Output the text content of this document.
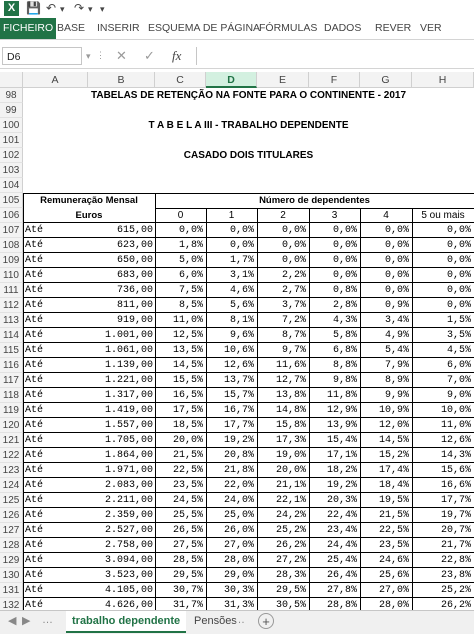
X 💾 ↶ ▾ ↷ ▾ ▾
FICHEIRO BASE INSERIR ESQUEMA DE PÁGINA
FÓRMULAS DADOS REVER VER
D6	▾ ⋮ ✕ ✓ fx
A	B	C	D	E	F	G	H
98	TABELAS DE RETENÇÃO NA FONTE PARA O CONTINENTE - 2017
99
100	T A B E L A III - TRABALHO DEPENDENTE
101
102	CASADO DOIS TITULARES
103
104
105
106
Remuneração Mensal
Euros
Número de dependentes
0	1	2	3	4	5 ou mais
107 Até	615,00	0,0%	0,0%	0,0%	0,0%	0,0%	0,0%
108 Até	623,00	1,8%	0,0%	0,0%	0,0%	0,0%	0,0%
109 Até	650,00	5,0%	1,7%	0,0%	0,0%	0,0%	0,0%
110 Até	683,00	6,0%	3,1%	2,2%	0,0%	0,0%	0,0%
111 Até	736,00	7,5%	4,6%	2,7%	0,8%	0,0%	0,0%
112 Até	811,00	8,5%	5,6%	3,7%	2,8%	0,9%	0,0%
113 Até	919,00	11,0%	8,1%	7,2%	4,3%	3,4%	1,5%
114 Até	1.001,00	12,5%	9,6%	8,7%	5,8%	4,9%	3,5%
115 Até	1.061,00	13,5%	10,6%	9,7%	6,8%	5,4%	4,5%
116 Até	1.139,00	14,5%	12,6%	11,6%	8,8%	7,9%	6,0%
117 Até	1.221,00	15,5%	13,7%	12,7%	9,8%	8,9%	7,0%
118 Até	1.317,00	16,5%	15,7%	13,8%	11,8%	9,9%	9,0%
119 Até	1.419,00	17,5%	16,7%	14,8%	12,9%	10,9%	10,0%
120 Até	1.557,00	18,5%	17,7%	15,8%	13,9%	12,0%	11,0%
121 Até	1.705,00	20,0%	19,2%	17,3%	15,4%	14,5%	12,6%
122 Até	1.864,00	21,5%	20,8%	19,0%	17,1%	15,2%	14,3%
123 Até	1.971,00	22,5%	21,8%	20,0%	18,2%	17,4%	15,6%
124 Até	2.083,00	23,5%	22,0%	21,1%	19,2%	18,4%	16,6%
125 Até	2.211,00	24,5%	24,0%	22,1%	20,3%	19,5%	17,7%
126 Até	2.359,00	25,5%	25,0%	24,2%	22,4%	21,5%	19,7%
127 Até	2.527,00	26,5%	26,0%	25,2%	23,4%	22,5%	20,7%
128 Até	2.758,00	27,5%	27,0%	26,2%	24,4%	23,5%	21,7%
129 Até	3.094,00	28,5%	28,0%	27,2%	25,4%	24,6%	22,8%
130 Até	3.523,00	29,5%	29,0%	28,3%	26,4%	25,6%	23,8%
131 Até	4.105,00	30,7%	30,3%	29,5%	27,8%	27,0%	25,2%
132 Até	4.626,00	31,7%	31,3%	30,5%	28,8%	28,0%	26,2%
◀ ▶ …	trabalho dependente	Pensões
…	+
